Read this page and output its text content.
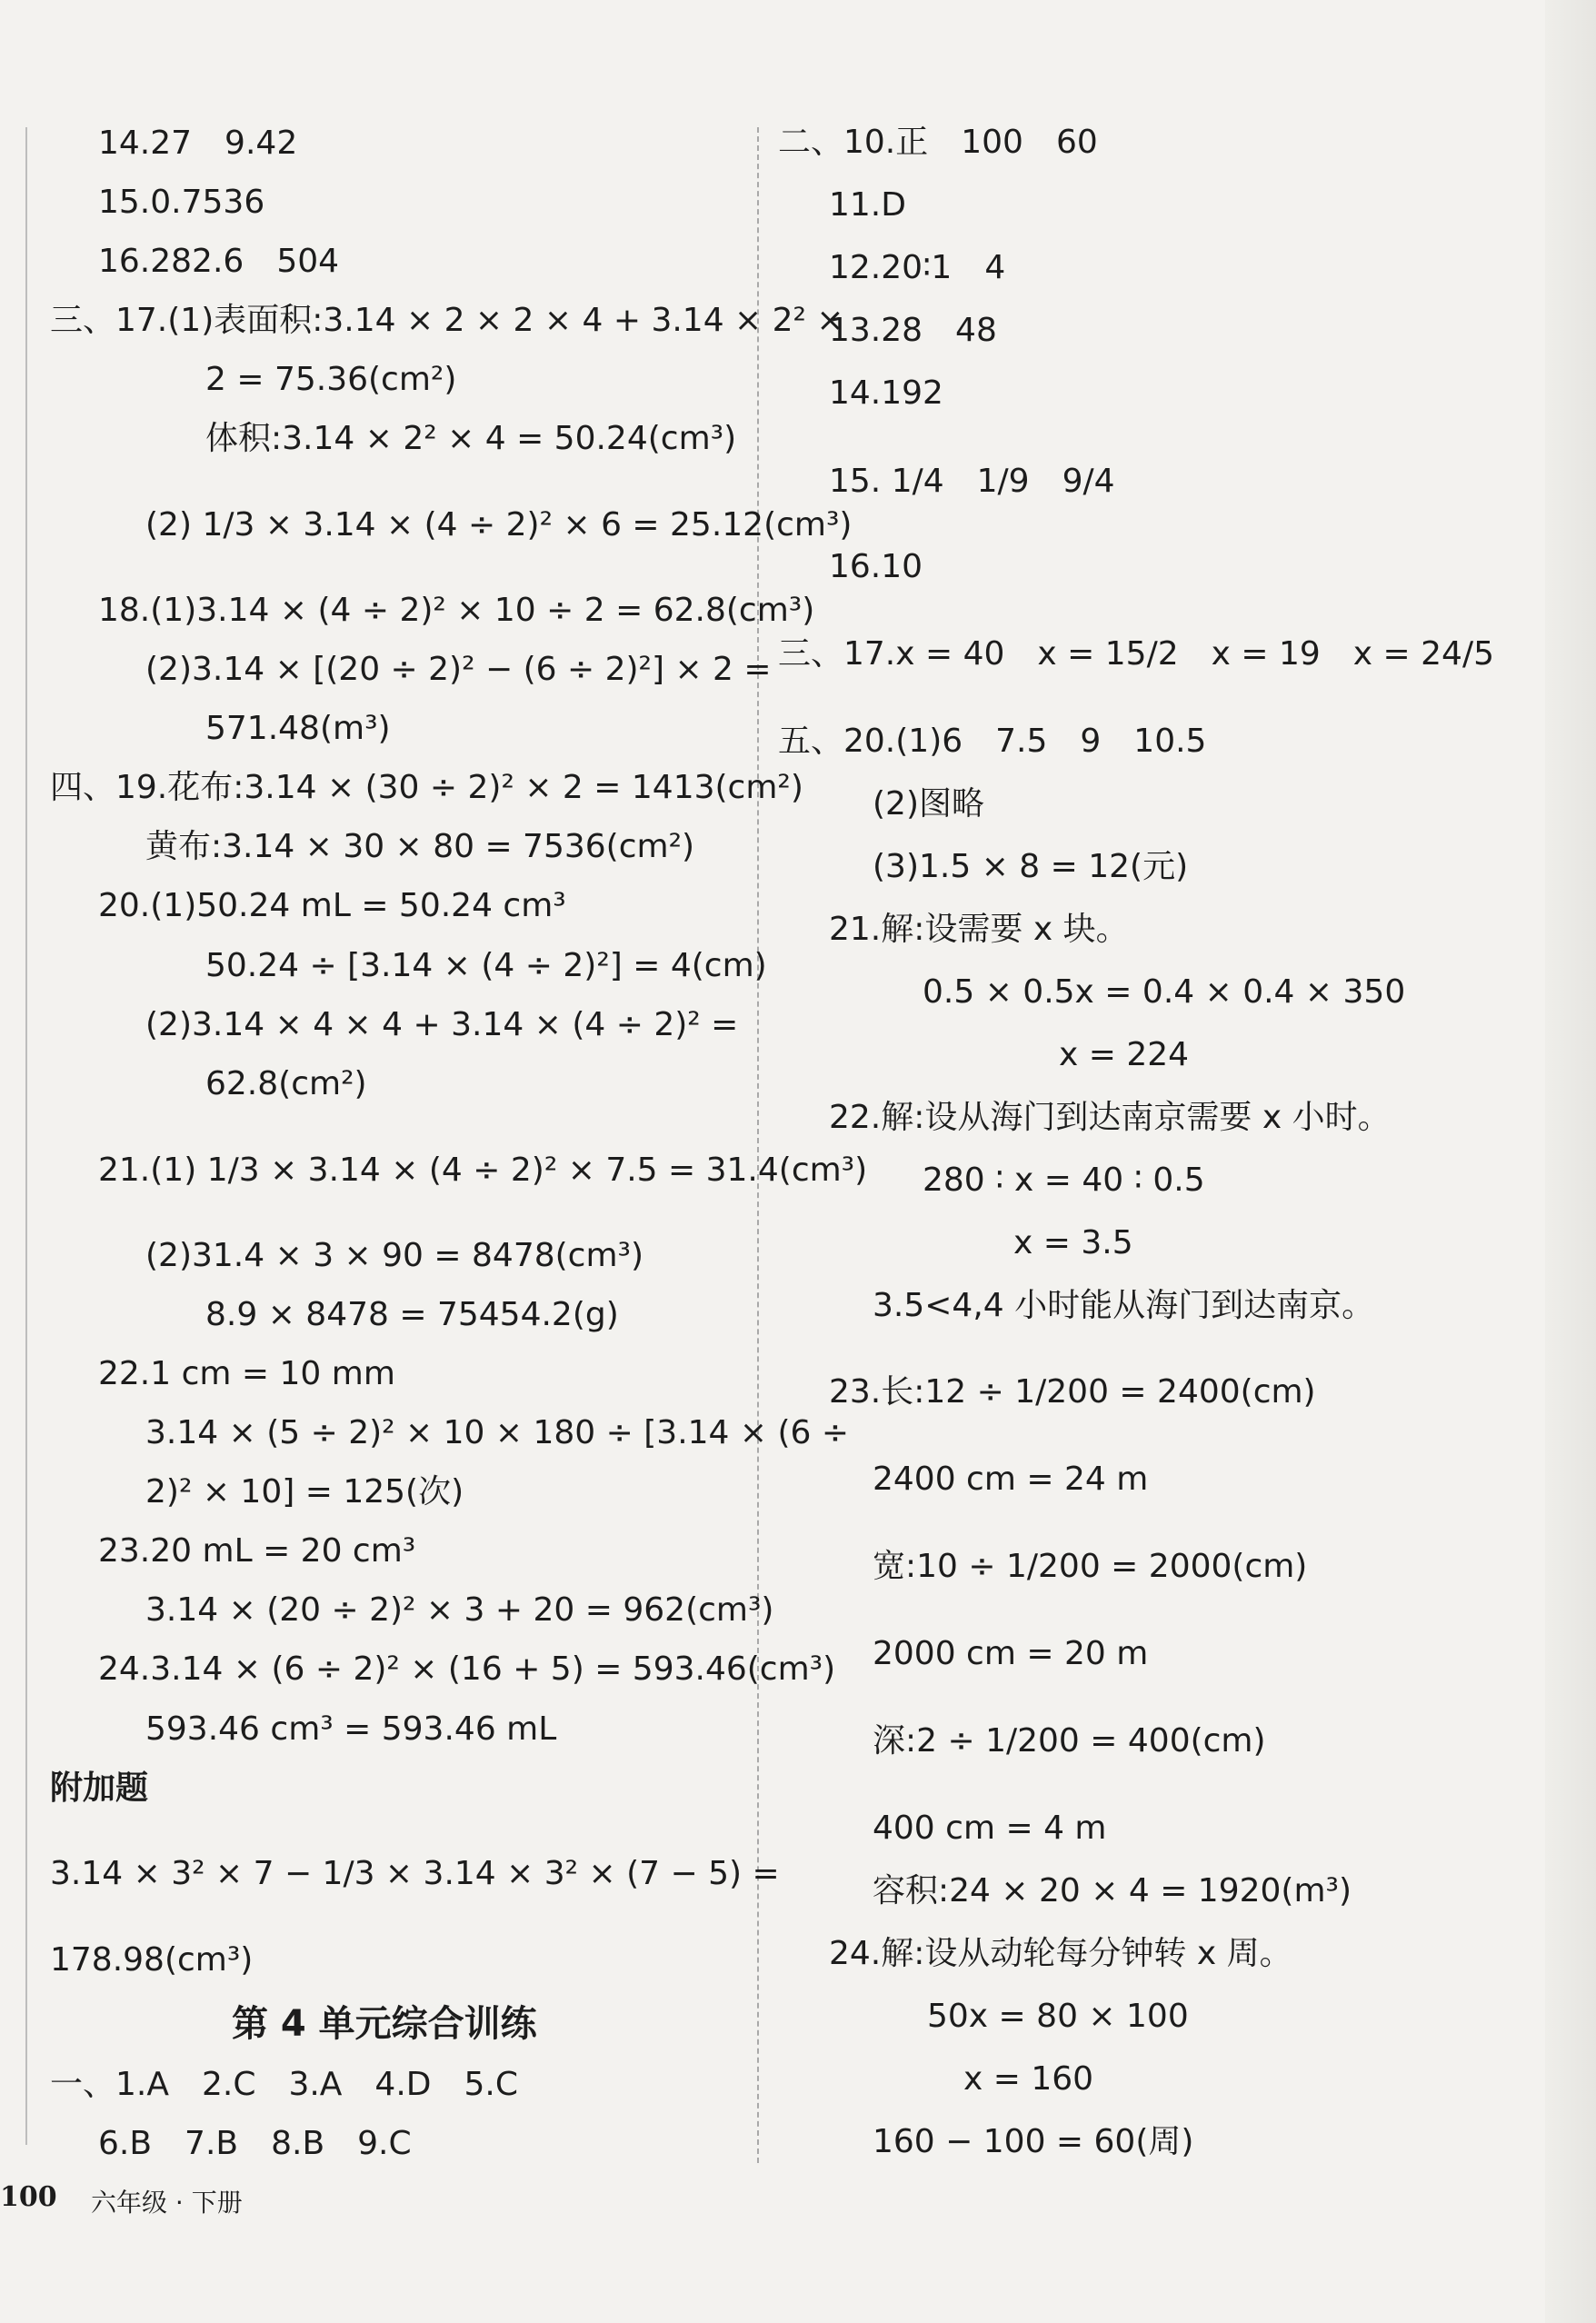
14.27　9.42
15.0.7536
16.282.6　504
三、17.(1)表面积:3.14 × 2 × 2 × 4 + 3.14 × 2² ×
2 = 75.36(cm²)
体积:3.14 × 2² × 4 = 50.24(cm³)
(2) 1/3 × 3.14 × (4 ÷ 2)² × 6 = 25.12(cm³)
18.(1)3.14 × (4 ÷ 2)² × 10 ÷ 2 = 62.8(cm³)
(2)3.14 × [(20 ÷ 2)² − (6 ÷ 2)²] × 2 =
571.48(m³)
四、19.花布:3.14 × (30 ÷ 2)² × 2 = 1413(cm²)
黄布:3.14 × 30 × 80 = 7536(cm²)
20.(1)50.24 mL = 50.24 cm³
50.24 ÷ [3.14 × (4 ÷ 2)²] = 4(cm)
(2)3.14 × 4 × 4 + 3.14 × (4 ÷ 2)² =
62.8(cm²)
21.(1) 1/3 × 3.14 × (4 ÷ 2)² × 7.5 = 31.4(cm³)
(2)31.4 × 3 × 90 = 8478(cm³)
8.9 × 8478 = 75454.2(g)
22.1 cm = 10 mm
3.14 × (5 ÷ 2)² × 10 × 180 ÷ [3.14 × (6 ÷
2)² × 10] = 125(次)
23.20 mL = 20 cm³
3.14 × (20 ÷ 2)² × 3 + 20 = 962(cm³)
24.3.14 × (6 ÷ 2)² × (16 + 5) = 593.46(cm³)
593.46 cm³ = 593.46 mL
附加题
3.14 × 3² × 7 − 1/3 × 3.14 × 3² × (7 − 5) =
178.98(cm³)
第 4 单元综合训练
一、1.A　2.C　3.A　4.D　5.C
6.B　7.B　8.B　9.C
二、10.正　100　60
11.D
12.20∶1　4
13.28　48
14.192
15. 1/4　1/9　9/4
16.10
三、17.x = 40　x = 15/2　x = 19　x = 24/5
五、20.(1)6　7.5　9　10.5
(2)图略
(3)1.5 × 8 = 12(元)
21.解:设需要 x 块。
0.5 × 0.5x = 0.4 × 0.4 × 350
x = 224
22.解:设从海门到达南京需要 x 小时。
280 ∶ x = 40 ∶ 0.5
x = 3.5
3.5<4,4 小时能从海门到达南京。
23.长:12 ÷ 1/200 = 2400(cm)
2400 cm = 24 m
宽:10 ÷ 1/200 = 2000(cm)
2000 cm = 20 m
深:2 ÷ 1/200 = 400(cm)
400 cm = 4 m
容积:24 × 20 × 4 = 1920(m³)
24.解:设从动轮每分钟转 x 周。
50x = 80 × 100
x = 160
160 − 100 = 60(周)
100 六年级 · 下册
